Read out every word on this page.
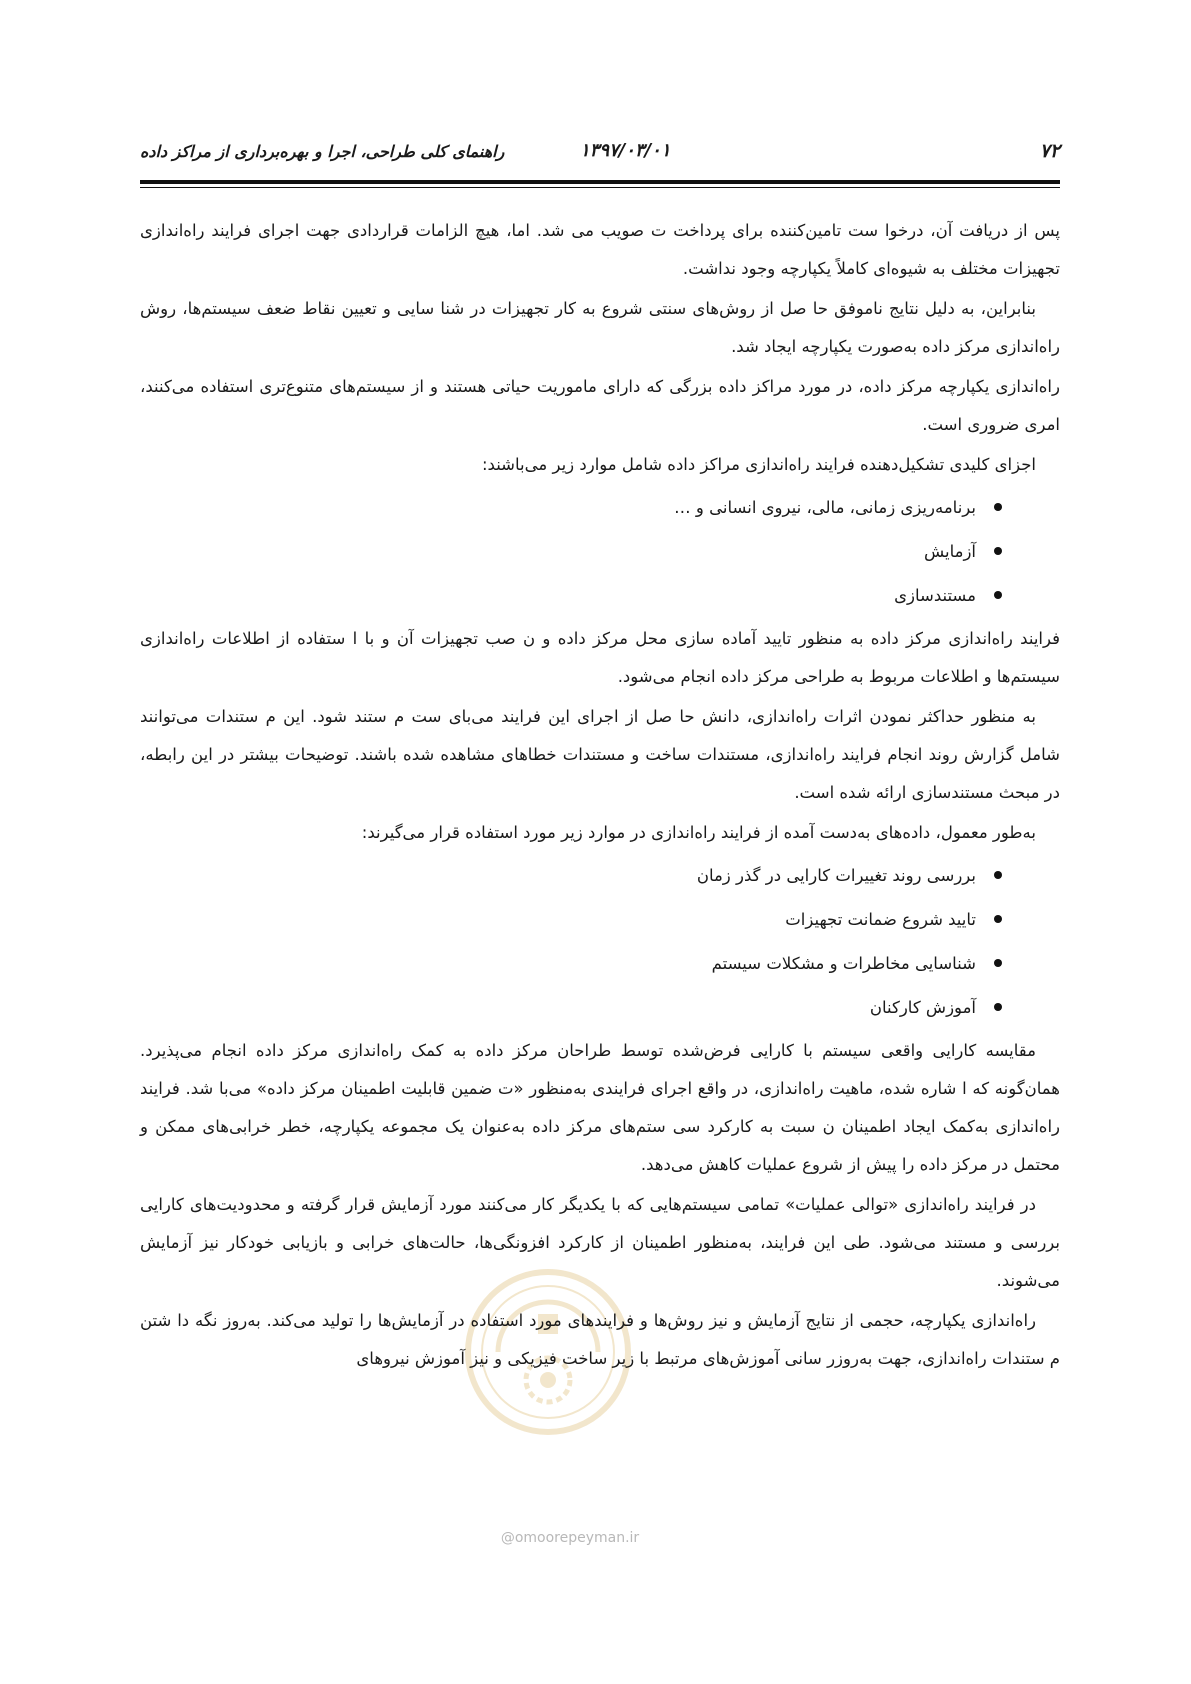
۷۲
۱۳۹۷/۰۳/۰۱
راهنمای کلی طراحی، اجرا و بهره‌برداری از مراکز داده

پس از دریافت آن، درخوا ست تامین‌کننده برای پرداخت ت صویب می شد. اما، هیچ الزامات قراردادی جهت اجرای فرایند راه‌اندازی تجهیزات مختلف به شیوه‌ای کاملاً یکپارچه وجود نداشت.

بنابراین، به دلیل نتایج ناموفق حا صل از روش‌های سنتی شروع به کار تجهیزات در شنا سایی و تعیین نقاط ضعف سیستم‌ها، روش راه‌اندازی مرکز داده به‌صورت یکپارچه ایجاد شد.

راه‌اندازی یکپارچه مرکز داده، در مورد مراکز داده بزرگی که دارای ماموریت حیاتی هستند و از سیستم‌های متنوع‌تری استفاده می‌کنند، امری ضروری است.

اجزای کلیدی تشکیل‌دهنده فرایند راه‌اندازی مراکز داده شامل موارد زیر می‌باشند:

برنامه‌ریزی زمانی، مالی، نیروی انسانی و …
آزمایش
مستندسازی

فرایند راه‌اندازی مرکز داده به منظور تایید آماده سازی محل مرکز داده و ن صب تجهیزات آن و با ا ستفاده از اطلاعات راه‌اندازی سیستم‌ها و اطلاعات مربوط به طراحی مرکز داده انجام می‌شود.

به منظور حداکثر نمودن اثرات راه‌اندازی، دانش حا صل از اجرای این فرایند می‌بای ست م ستند شود. این م ستندات می‌توانند شامل گزارش روند انجام فرایند راه‌اندازی، مستندات ساخت و مستندات خطاهای مشاهده شده باشند. توضیحات بیشتر در این رابطه، در مبحث مستندسازی ارائه شده است.

به‌طور معمول، داده‌های به‌دست آمده از فرایند راه‌اندازی در موارد زیر مورد استفاده قرار می‌گیرند:

بررسی روند تغییرات کارایی در گذر زمان
تایید شروع ضمانت تجهیزات
شناسایی مخاطرات و مشکلات سیستم
آموزش کارکنان

مقایسه کارایی واقعی سیستم با کارایی فرض‌شده توسط طراحان مرکز داده به کمک راه‌اندازی مرکز داده انجام می‌پذیرد. همان‌گونه که ا شاره شده، ماهیت راه‌اندازی، در واقع اجرای فرایندی به‌منظور «ت ضمین قابلیت اطمینان مرکز داده» می‌با شد. فرایند راه‌اندازی به‌کمک ایجاد اطمینان ن سبت به کارکرد سی ستم‌های مرکز داده به‌عنوان یک مجموعه یکپارچه، خطر خرابی‌های ممکن و محتمل در مرکز داده را پیش از شروع عملیات کاهش می‌دهد.

در فرایند راه‌اندازی «توالی عملیات» تمامی سیستم‌هایی که با یکدیگر کار می‌کنند مورد آزمایش قرار گرفته و محدودیت‌های کارایی بررسی و مستند می‌شود. طی این فرایند، به‌منظور اطمینان از کارکرد افزونگی‌ها، حالت‌های خرابی و بازیابی خودکار نیز آزمایش می‌شوند.

راه‌اندازی یکپارچه، حجمی از نتایج آزمایش و نیز روش‌ها و فرایندهای مورد استفاده در آزمایش‌ها را تولید می‌کند. به‌روز نگه دا شتن م ستندات راه‌اندازی، جهت به‌روزر سانی آموزش‌های مرتبط با زیر ساخت فیزیکی و نیز آموزش نیروهای

@omoorepeyman.ir
